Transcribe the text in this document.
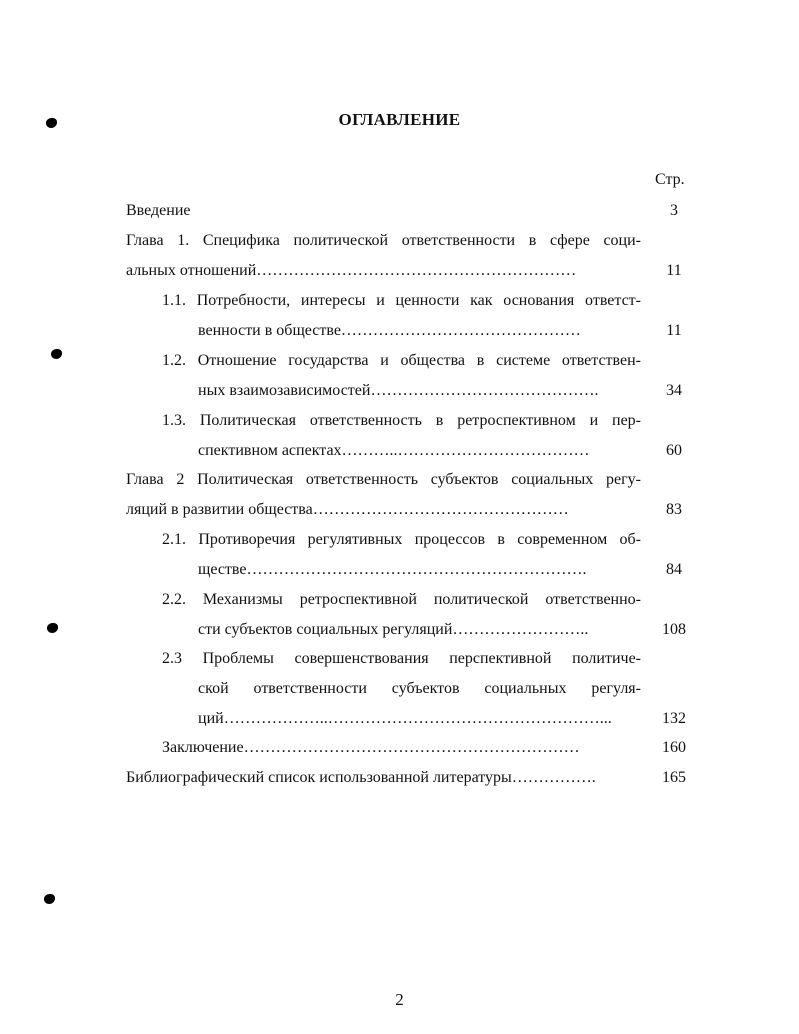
ОГЛАВЛЕНИЕ
Стр.
Введение	3
Глава 1. Специфика политической ответственности в сфере соци-
альных отношений……………………………………………………	11
1.1. Потребности, интересы и ценности как основания ответст-
венности в обществе………………………………………	11
1.2. Отношение государства и общества в системе ответствен-
ных взаимозависимостей…………………………………….	34
1.3. Политическая ответственность в ретроспективном и пер-
спективном аспектах………..………………………………	60
Глава 2 Политическая ответственность субъектов социальных регу-
ляций в развитии общества…………………………………………	83
2.1. Противоречия регулятивных процессов в современном об-
ществе……………………………………………………….	84
2.2. Механизмы ретроспективной политической ответственно-
сти субъектов социальных регуляций……………………..	108
2.3 Проблемы совершенствования перспективной политиче-
ской ответственности субъектов социальных регуля-
ций………………..……………………………………………...	132
Заключение………………………………………………………	160
Библиографический список использованной литературы…………….	165
2
